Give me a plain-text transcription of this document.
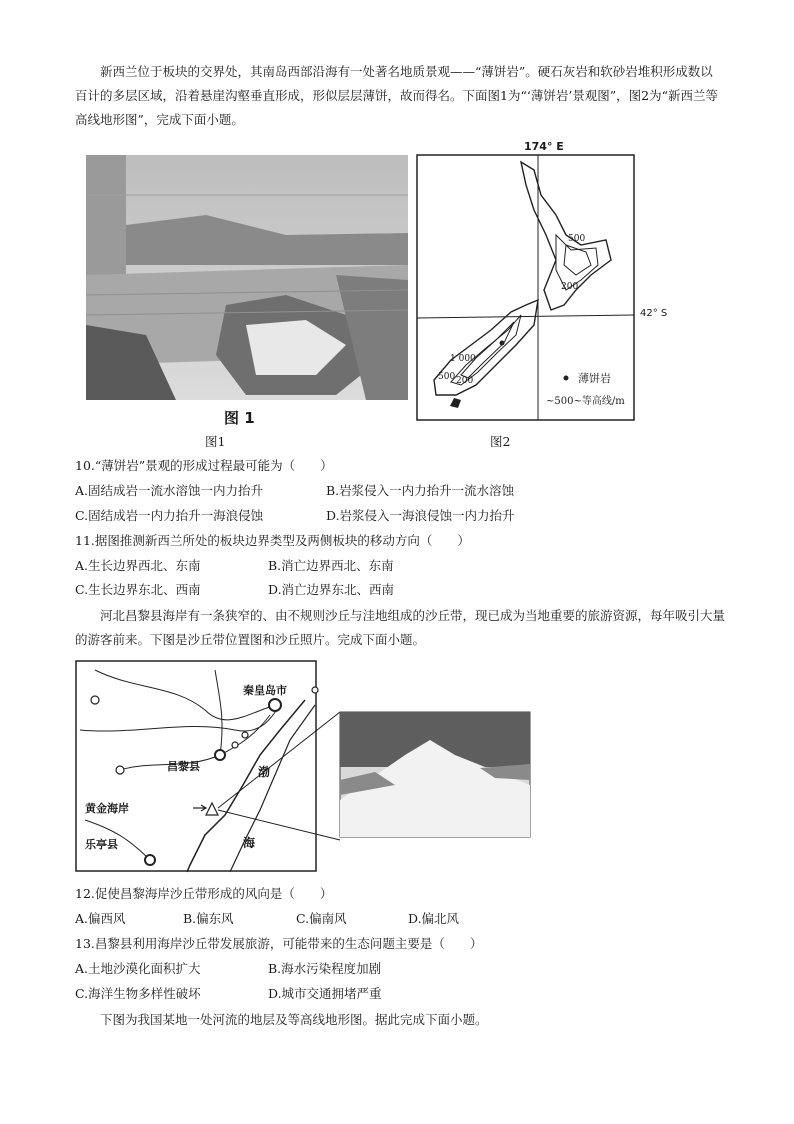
新西兰位于板块的交界处，其南岛西部沿海有一处著名地质景观——“薄饼岩”。硬石灰岩和软砂岩堆积形成数以百计的多层区域，沿着悬崖沟壑垂直形成，形似层层薄饼，故而得名。下面图1为“‘薄饼岩’景观图”，图2为“新西兰等高线地形图”，完成下面小题。
图 1
图1
174° E
42° S
500
200
1 000
500 200	薄饼岩
~500~等高线/m
图2
10.“薄饼岩”景观的形成过程最可能为（　　）
A.固结成岩一流水溶蚀一内力抬升	B.岩浆侵入一内力抬升一流水溶蚀
C.固结成岩一内力抬升一海浪侵蚀	D.岩浆侵入一海浪侵蚀一内力抬升
11.据图推测新西兰所处的板块边界类型及两侧板块的移动方向（　　）
A.生长边界西北、东南	B.消亡边界西北、东南
C.生长边界东北、西南	D.消亡边界东北、西南
河北昌黎县海岸有一条狭窄的、由不规则沙丘与洼地组成的沙丘带，现已成为当地重要的旅游资源，每年吸引大量的游客前来。下图是沙丘带位置图和沙丘照片。完成下面小题。
秦皇岛市
昌黎县
黄金海岸
乐亭县
渤
海
12.促使昌黎海岸沙丘带形成的风向是（　　）
A.偏西风	B.偏东风	C.偏南风	D.偏北风
13.昌黎县利用海岸沙丘带发展旅游，可能带来的生态问题主要是（　　）
A.土地沙漠化面积扩大	B.海水污染程度加剧
C.海洋生物多样性破坏	D.城市交通拥堵严重
下图为我国某地一处河流的地层及等高线地形图。据此完成下面小题。
